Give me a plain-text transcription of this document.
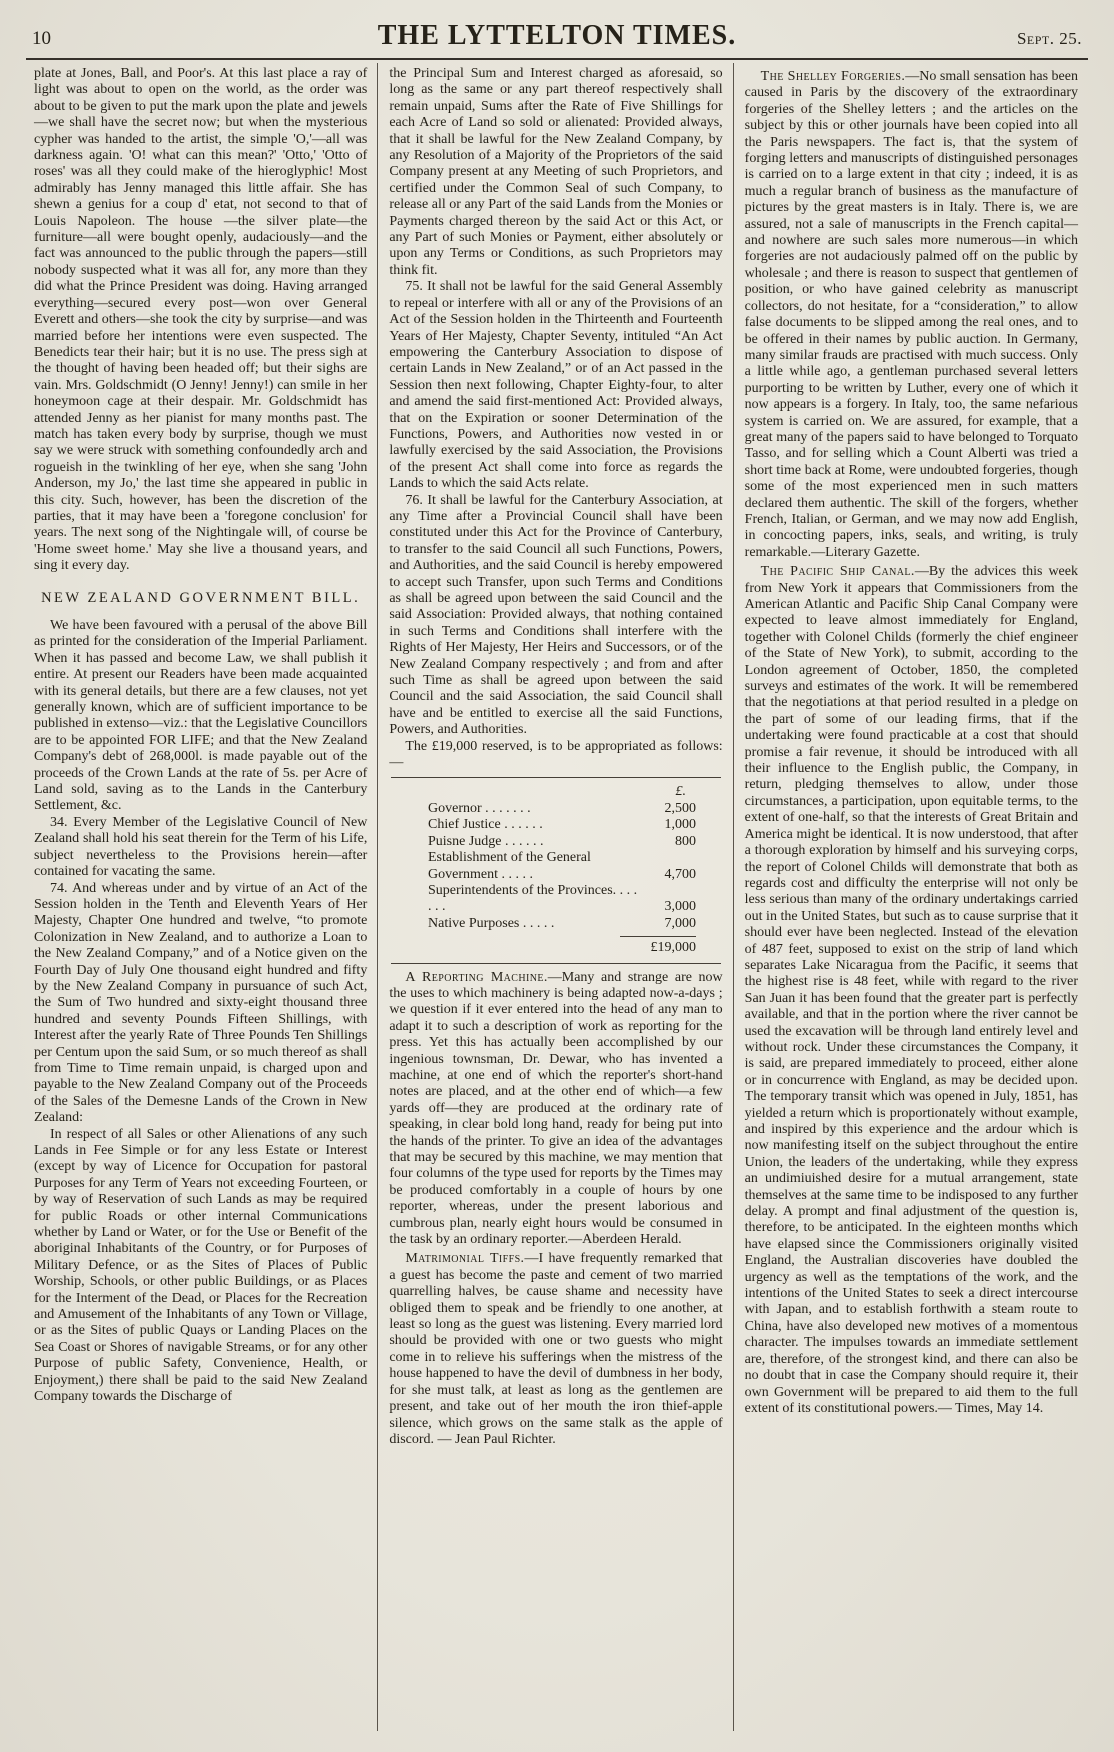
10	THE LYTTELTON TIMES.	Sept. 25.

plate at Jones, Ball, and Poor's. At this last place a ray of light was about to open on the world, as the order was about to be given to put the mark upon the plate and jewels—we shall have the secret now; but when the mysterious cypher was handed to the artist, the simple 'O,'—all was darkness again. 'O! what can this mean?' 'Otto,' 'Otto of roses' was all they could make of the hieroglyphic! Most admirably has Jenny managed this little affair. She has shewn a genius for a coup d' etat, not second to that of Louis Napoleon. The house —the silver plate—the furniture—all were bought openly, audaciously—and the fact was announced to the public through the papers—still nobody suspected what it was all for, any more than they did what the Prince President was doing. Having arranged everything—secured every post—won over General Everett and others—she took the city by surprise—and was married before her intentions were even suspected. The Benedicts tear their hair; but it is no use. The press sigh at the thought of having been headed off; but their sighs are vain. Mrs. Goldschmidt (O Jenny! Jenny!) can smile in her honeymoon cage at their despair. Mr. Goldschmidt has attended Jenny as her pianist for many months past. The match has taken every body by surprise, though we must say we were struck with something confoundedly arch and rogueish in the twinkling of her eye, when she sang 'John Anderson, my Jo,' the last time she appeared in public in this city. Such, however, has been the discretion of the parties, that it may have been a 'foregone conclusion' for years. The next song of the Nightingale will, of course be 'Home sweet home.' May she live a thousand years, and sing it every day.

NEW ZEALAND GOVERNMENT BILL.

We have been favoured with a perusal of the above Bill as printed for the consideration of the Imperial Parliament. When it has passed and become Law, we shall publish it entire. At present our Readers have been made acquainted with its general details, but there are a few clauses, not yet generally known, which are of sufficient importance to be published in extenso—viz.: that the Legislative Councillors are to be appointed FOR LIFE; and that the New Zealand Company's debt of 268,000l. is made payable out of the proceeds of the Crown Lands at the rate of 5s. per Acre of Land sold, saving as to the Lands in the Canterbury Settlement, &c.

34. Every Member of the Legislative Council of New Zealand shall hold his seat therein for the Term of his Life, subject nevertheless to the Provisions herein—after contained for vacating the same.

74. And whereas under and by virtue of an Act of the Session holden in the Tenth and Eleventh Years of Her Majesty, Chapter One hundred and twelve, “to promote Colonization in New Zealand, and to authorize a Loan to the New Zealand Company,” and of a Notice given on the Fourth Day of July One thousand eight hundred and fifty by the New Zealand Company in pursuance of such Act, the Sum of Two hundred and sixty-eight thousand three hundred and seventy Pounds Fifteen Shillings, with Interest after the yearly Rate of Three Pounds Ten Shillings per Centum upon the said Sum, or so much thereof as shall from Time to Time remain unpaid, is charged upon and payable to the New Zealand Company out of the Proceeds of the Sales of the Demesne Lands of the Crown in New Zealand:

In respect of all Sales or other Alienations of any such Lands in Fee Simple or for any less Estate or Interest (except by way of Licence for Occupation for pastoral Purposes for any Term of Years not exceeding Fourteen, or by way of Reservation of such Lands as may be required for public Roads or other internal Communications whether by Land or Water, or for the Use or Benefit of the aboriginal Inhabitants of the Country, or for Purposes of Military Defence, or as the Sites of Places of Public Worship, Schools, or other public Buildings, or as Places for the Interment of the Dead, or Places for the Recreation and Amusement of the Inhabitants of any Town or Village, or as the Sites of public Quays or Landing Places on the Sea Coast or Shores of navigable Streams, or for any other Purpose of public Safety, Convenience, Health, or Enjoyment,) there shall be paid to the said New Zealand Company towards the Discharge of

the Principal Sum and Interest charged as aforesaid, so long as the same or any part thereof respectively shall remain unpaid, Sums after the Rate of Five Shillings for each Acre of Land so sold or alienated: Provided always, that it shall be lawful for the New Zealand Company, by any Resolution of a Majority of the Proprietors of the said Company present at any Meeting of such Proprietors, and certified under the Common Seal of such Company, to release all or any Part of the said Lands from the Monies or Payments charged thereon by the said Act or this Act, or any Part of such Monies or Payment, either absolutely or upon any Terms or Conditions, as such Proprietors may think fit.

75. It shall not be lawful for the said General Assembly to repeal or interfere with all or any of the Provisions of an Act of the Session holden in the Thirteenth and Fourteenth Years of Her Majesty, Chapter Seventy, intituled “An Act empowering the Canterbury Association to dispose of certain Lands in New Zealand,” or of an Act passed in the Session then next following, Chapter Eighty-four, to alter and amend the said first-mentioned Act: Provided always, that on the Expiration or sooner Determination of the Functions, Powers, and Authorities now vested in or lawfully exercised by the said Association, the Provisions of the present Act shall come into force as regards the Lands to which the said Acts relate.

76. It shall be lawful for the Canterbury Association, at any Time after a Provincial Council shall have been constituted under this Act for the Province of Canterbury, to transfer to the said Council all such Functions, Powers, and Authorities, and the said Council is hereby empowered to accept such Transfer, upon such Terms and Conditions as shall be agreed upon between the said Council and the said Association: Provided always, that nothing contained in such Terms and Conditions shall interfere with the Rights of Her Majesty, Her Heirs and Successors, or of the New Zealand Company respectively ; and from and after such Time as shall be agreed upon between the said Council and the said Association, the said Council shall have and be entitled to exercise all the said Functions, Powers, and Authorities.

The £19,000 reserved, is to be appropriated as follows:—

£.
Governor . . . . . . .	2,500
Chief Justice . . . . . .	1,000
Puisne Judge . . . . . .	800
Establishment of the General Government . . . . .	4,700
Superintendents of the Provinces. . . . . . .	3,000
Native Purposes . . . . .	7,000
£19,000

A Reporting Machine.—Many and strange are now the uses to which machinery is being adapted now-a-days ; we question if it ever entered into the head of any man to adapt it to such a description of work as reporting for the press. Yet this has actually been accomplished by our ingenious townsman, Dr. Dewar, who has invented a machine, at one end of which the reporter's short-hand notes are placed, and at the other end of which—a few yards off—they are produced at the ordinary rate of speaking, in clear bold long hand, ready for being put into the hands of the printer. To give an idea of the advantages that may be secured by this machine, we may mention that four columns of the type used for reports by the Times may be produced comfortably in a couple of hours by one reporter, whereas, under the present laborious and cumbrous plan, nearly eight hours would be consumed in the task by an ordinary reporter.—Aberdeen Herald.

Matrimonial Tiffs.—I have frequently remarked that a guest has become the paste and cement of two married quarrelling halves, be cause shame and necessity have obliged them to speak and be friendly to one another, at least so long as the guest was listening. Every married lord should be provided with one or two guests who might come in to relieve his sufferings when the mistress of the house happened to have the devil of dumbness in her body, for she must talk, at least as long as the gentlemen are present, and take out of her mouth the iron thief-apple silence, which grows on the same stalk as the apple of discord. — Jean Paul Richter.

The Shelley Forgeries.—No small sensation has been caused in Paris by the discovery of the extraordinary forgeries of the Shelley letters ; and the articles on the subject by this or other journals have been copied into all the Paris newspapers. The fact is, that the system of forging letters and manuscripts of distinguished personages is carried on to a large extent in that city ; indeed, it is as much a regular branch of business as the manufacture of pictures by the great masters is in Italy. There is, we are assured, not a sale of manuscripts in the French capital—and nowhere are such sales more numerous—in which forgeries are not audaciously palmed off on the public by wholesale ; and there is reason to suspect that gentlemen of position, or who have gained celebrity as manuscript collectors, do not hesitate, for a “consideration,” to allow false documents to be slipped among the real ones, and to be offered in their names by public auction. In Germany, many similar frauds are practised with much success. Only a little while ago, a gentleman purchased several letters purporting to be written by Luther, every one of which it now appears is a forgery. In Italy, too, the same nefarious system is carried on. We are assured, for example, that a great many of the papers said to have belonged to Torquato Tasso, and for selling which a Count Alberti was tried a short time back at Rome, were undoubted forgeries, though some of the most experienced men in such matters declared them authentic. The skill of the forgers, whether French, Italian, or German, and we may now add English, in concocting papers, inks, seals, and writing, is truly remarkable.—Literary Gazette.

The Pacific Ship Canal.—By the advices this week from New York it appears that Commissioners from the American Atlantic and Pacific Ship Canal Company were expected to leave almost immediately for England, together with Colonel Childs (formerly the chief engineer of the State of New York), to submit, according to the London agreement of October, 1850, the completed surveys and estimates of the work. It will be remembered that the negotiations at that period resulted in a pledge on the part of some of our leading firms, that if the undertaking were found practicable at a cost that should promise a fair revenue, it should be introduced with all their influence to the English public, the Company, in return, pledging themselves to allow, under those circumstances, a participation, upon equitable terms, to the extent of one-half, so that the interests of Great Britain and America might be identical. It is now understood, that after a thorough exploration by himself and his surveying corps, the report of Colonel Childs will demonstrate that both as regards cost and difficulty the enterprise will not only be less serious than many of the ordinary undertakings carried out in the United States, but such as to cause surprise that it should ever have been neglected. Instead of the elevation of 487 feet, supposed to exist on the strip of land which separates Lake Nicaragua from the Pacific, it seems that the highest rise is 48 feet, while with regard to the river San Juan it has been found that the greater part is perfectly available, and that in the portion where the river cannot be used the excavation will be through land entirely level and without rock. Under these circumstances the Company, it is said, are prepared immediately to proceed, either alone or in concurrence with England, as may be decided upon. The temporary transit which was opened in July, 1851, has yielded a return which is proportionately without example, and inspired by this experience and the ardour which is now manifesting itself on the subject throughout the entire Union, the leaders of the undertaking, while they express an undimiuished desire for a mutual arrangement, state themselves at the same time to be indisposed to any further delay. A prompt and final adjustment of the question is, therefore, to be anticipated. In the eighteen months which have elapsed since the Commissioners originally visited England, the Australian discoveries have doubled the urgency as well as the temptations of the work, and the intentions of the United States to seek a direct intercourse with Japan, and to establish forthwith a steam route to China, have also developed new motives of a momentous character. The impulses towards an immediate settlement are, therefore, of the strongest kind, and there can also be no doubt that in case the Company should require it, their own Government will be prepared to aid them to the full extent of its constitutional powers.— Times, May 14.
